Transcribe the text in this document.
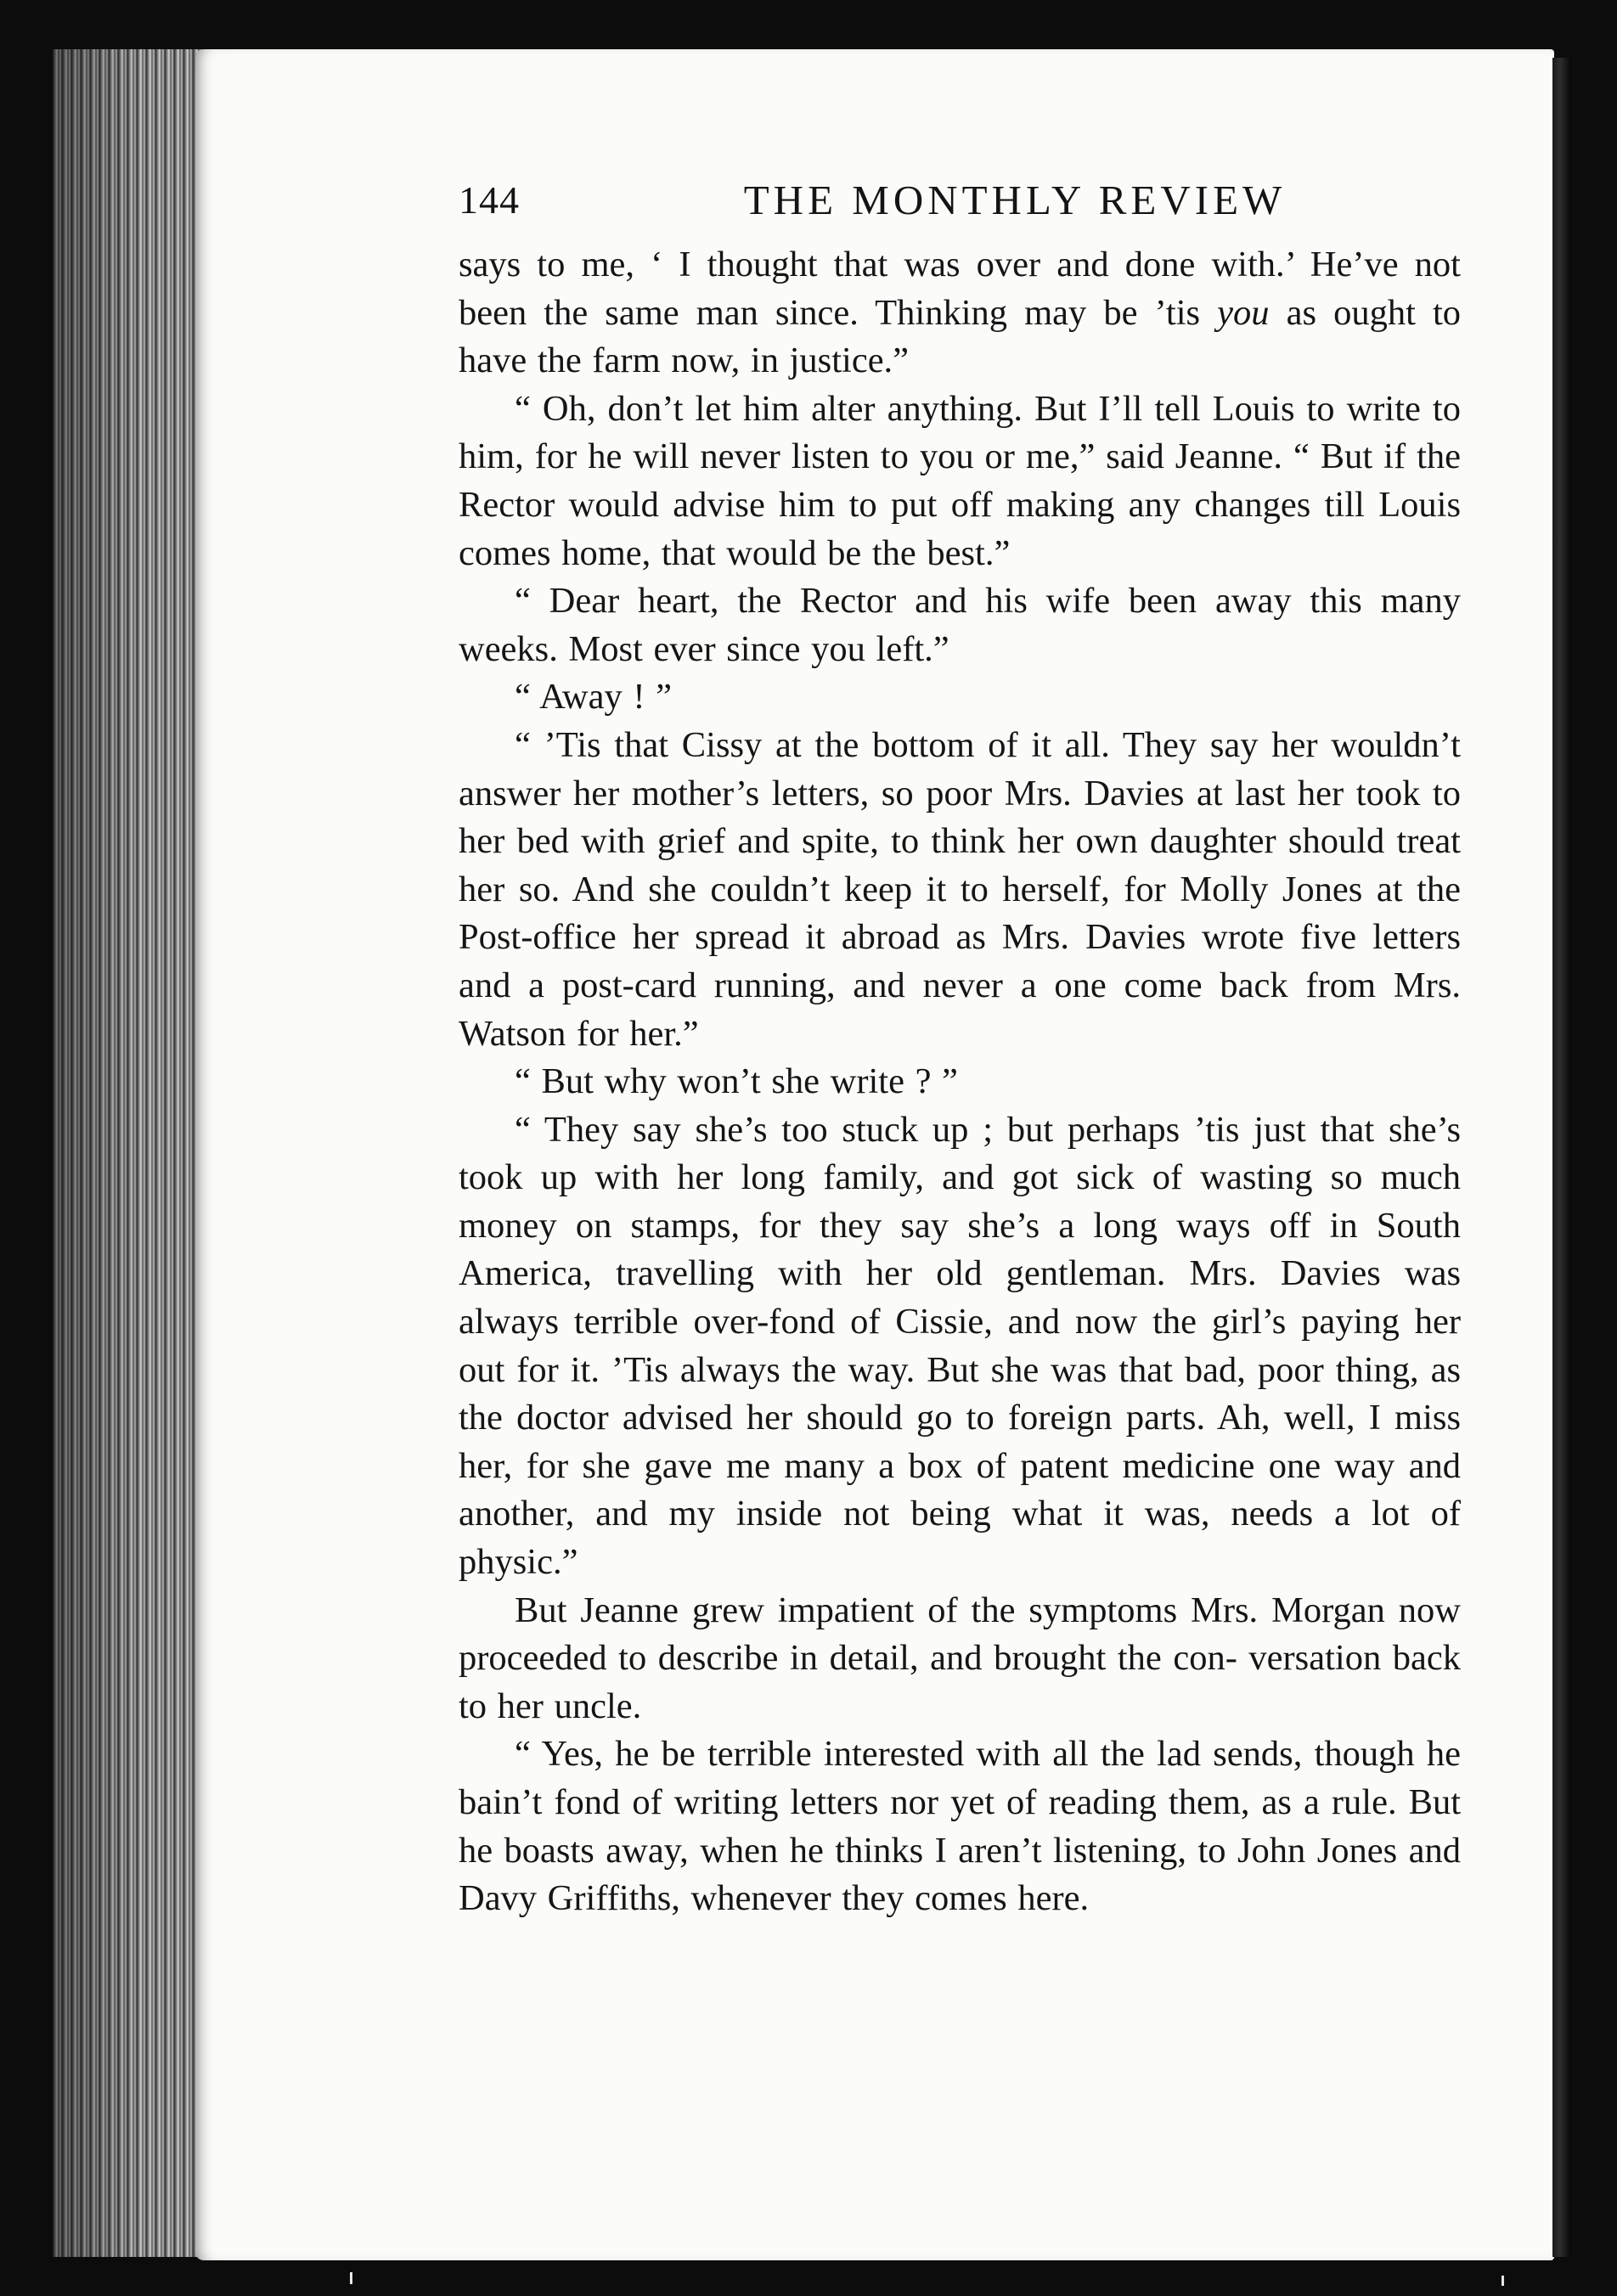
144	THE MONTHLY REVIEW

says to me, ‘ I thought that was over and done with.’ He’ve not been the same man since. Thinking may be ’tis you as ought to have the farm now, in justice.”

“ Oh, don’t let him alter anything. But I’ll tell Louis to write to him, for he will never listen to you or me,” said Jeanne. “ But if the Rector would advise him to put off making any changes till Louis comes home, that would be the best.”

“ Dear heart, the Rector and his wife been away this many weeks. Most ever since you left.”

“ Away ! ”

“ ’Tis that Cissy at the bottom of it all. They say her wouldn’t answer her mother’s letters, so poor Mrs. Davies at last her took to her bed with grief and spite, to think her own daughter should treat her so. And she couldn’t keep it to herself, for Molly Jones at the Post-office her spread it abroad as Mrs. Davies wrote five letters and a post-card running, and never a one come back from Mrs. Watson for her.”

“ But why won’t she write ? ”

“ They say she’s too stuck up ; but perhaps ’tis just that she’s took up with her long family, and got sick of wasting so much money on stamps, for they say she’s a long ways off in South America, travelling with her old gentleman. Mrs. Davies was always terrible over-fond of Cissie, and now the girl’s paying her out for it. ’Tis always the way. But she was that bad, poor thing, as the doctor advised her should go to foreign parts. Ah, well, I miss her, for she gave me many a box of patent medicine one way and another, and my inside not being what it was, needs a lot of physic.”

But Jeanne grew impatient of the symptoms Mrs. Morgan now proceeded to describe in detail, and brought the con- versation back to her uncle.

“ Yes, he be terrible interested with all the lad sends, though he bain’t fond of writing letters nor yet of reading them, as a rule. But he boasts away, when he thinks I aren’t listening, to John Jones and Davy Griffiths, whenever they comes here.
